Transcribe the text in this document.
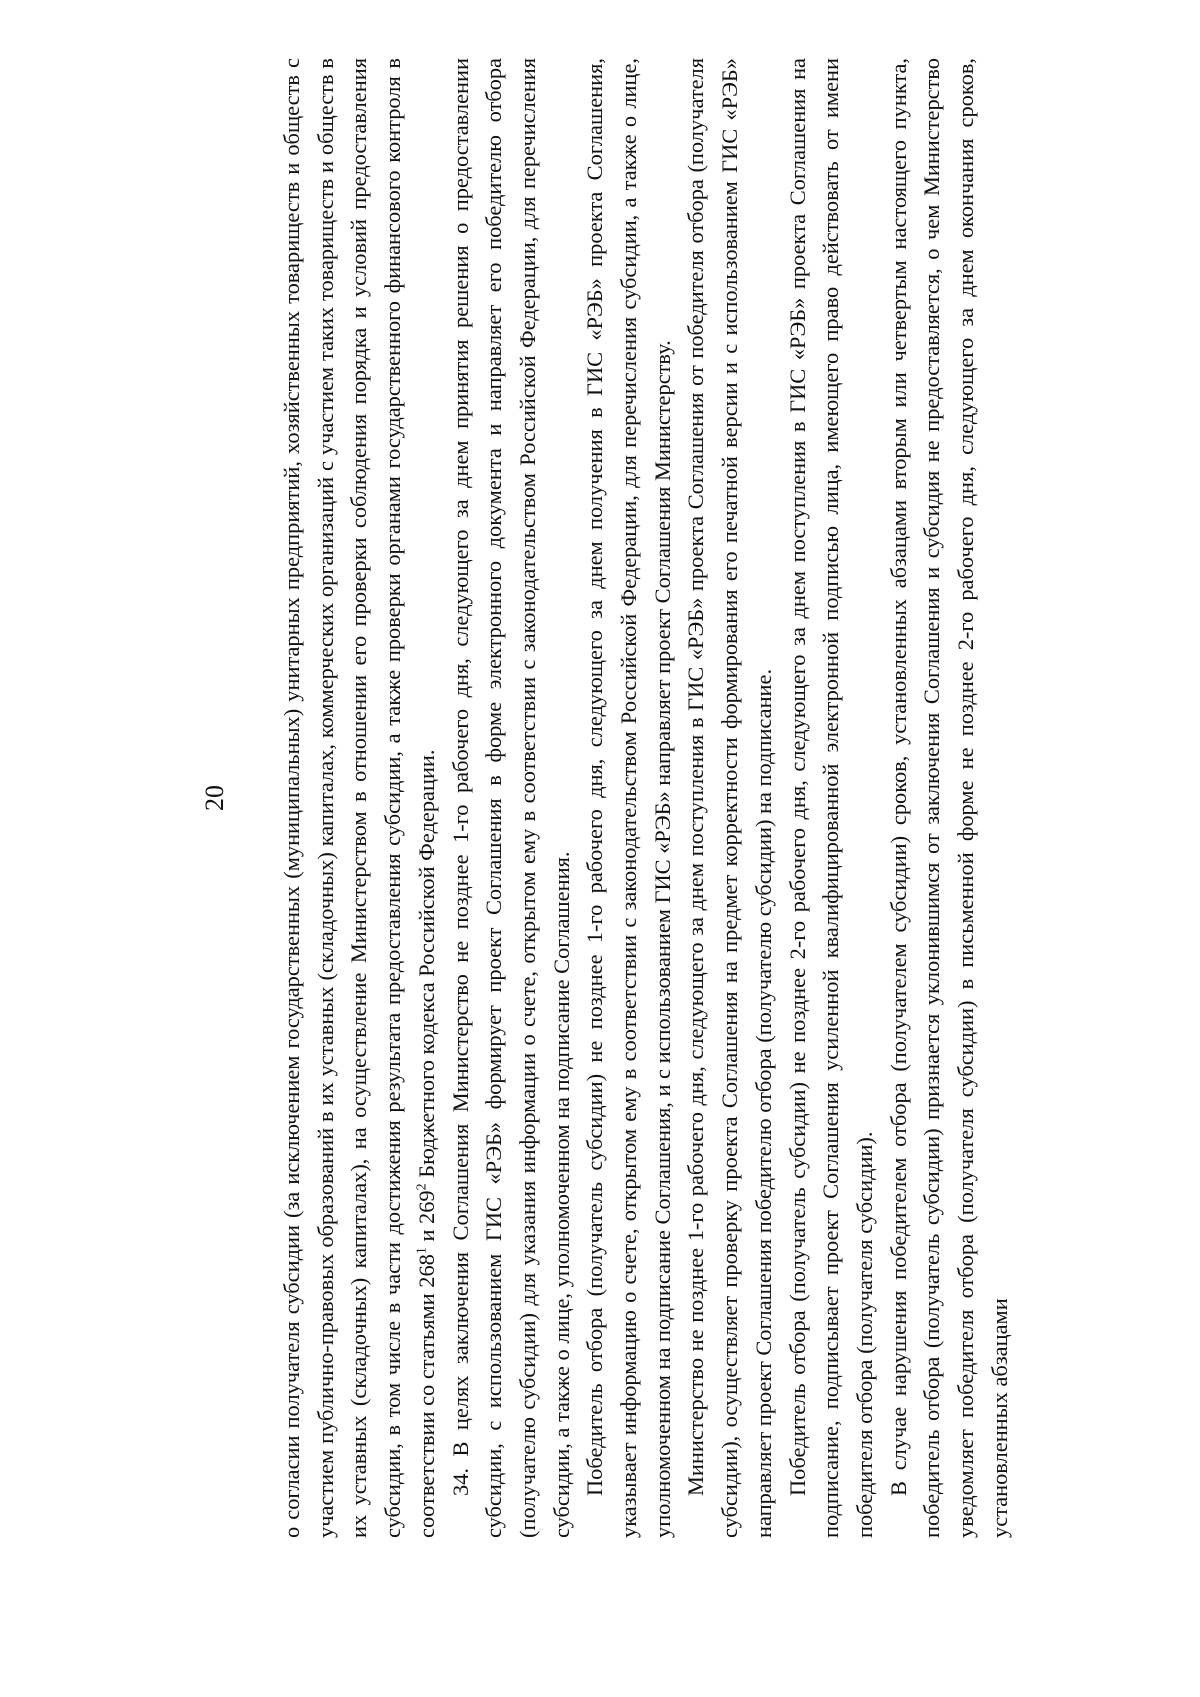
20 о согласии получателя субсидии (за исключением государственных (муниципальных) унитарных предприятий, хозяйственных товариществ и обществ с участием публично-правовых образований в их уставных (складочных) капиталах, коммерческих организаций с участием таких товариществ и обществ в их уставных (складочных) капиталах), на осуществление Министерством в отношении его проверки соблюдения порядка и условий предоставления субсидии, в том числе в части достижения результата предоставления субсидии, а также проверки органами государственного финансового контроля в соответствии со статьями $268^1$ и $269^2$ Бюджетного кодекса Российской Федерации. 34. В целях заключения Соглашения Министерство не позднее 1-го рабочего дня, следующего за днем принятия решения о предоставлении субсидии, с использованием ГИС «РЭБ» формирует проект Соглашения в форме электронного документа и направляет его победителю отбора (получателю субсидии) для указания информации о счете, открытом ему в соответствии с законодательством Российской Федерации, для перечисления субсидии, а также о лице, уполномоченном на подписание Соглашения. Победитель отбора (получатель субсидии) не позднее 1-го рабочего дня, следующего за днем получения в ГИС «РЭБ» проекта Соглашения, указывает информацию о счете, открытом ему в соответствии с законодательством Российской Федерации, для перечисления субсидии, а также о лице, уполномоченном на подписание Соглашения, и с использованием ГИС «РЭБ» направляет проект Соглашения Министерству. Министерство не позднее 1-го рабочего дня, следующего за днем поступления в ГИС «РЭБ» проекта Соглашения от победителя отбора (получателя субсидии), осуществляет проверку проекта Соглашения на предмет корректности формирования его печатной версии и с использованием ГИС «РЭБ» направляет проект Соглашения победителю отбора (получателю субсидии) на подписание. Победитель отбора (получатель субсидии) не позднее 2-го рабочего дня, следующего за днем поступления в ГИС «РЭБ» проекта Соглашения на подписание, подписывает проект Соглашения усиленной квалифицированной электронной подписью лица, имеющего право действовать от имени победителя отбора (получателя субсидии). В случае нарушения победителем отбора (получателем субсидии) сроков, установленных абзацами вторым или четвертым настоящего пункта, победитель отбора (получатель субсидии) признается уклонившимся от заключения Соглашения и субсидия не предоставляется, о чем Министерство уведомляет победителя отбора (получателя субсидии) в письменной форме не позднее 2-го рабочего дня, следующего за днем окончания сроков, установленных абзацами
